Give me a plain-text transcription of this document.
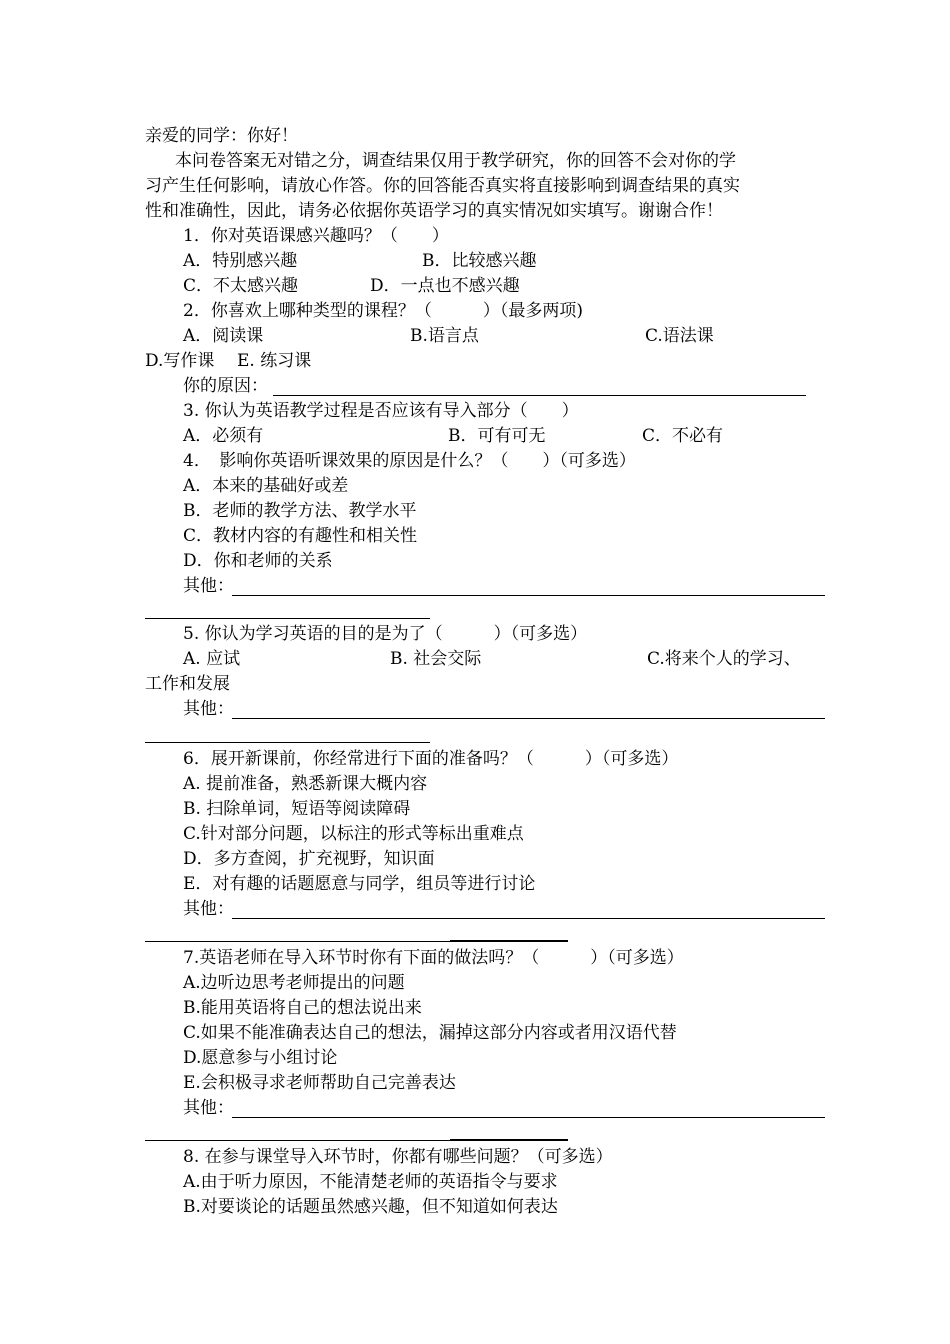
亲爱的同学：你好！
本问卷答案无对错之分，调查结果仅用于教学研究，你的回答不会对你的学
习产生任何影响，请放心作答。你的回答能否真实将直接影响到调查结果的真实
性和准确性，因此，请务必依据你英语学习的真实情况如实填写。谢谢合作！
1．你对英语课感兴趣吗？（　　）
A．特别感兴趣	B．比较感兴趣
C．不太感兴趣	D．一点也不感兴趣
2．你喜欢上哪种类型的课程？（　　　）（最多两项)
A．阅读课	B.语言点	C.语法课
D.写作课 E. 练习课
你的原因：
3. 你认为英语教学过程是否应该有导入部分（　　）
A．必须有	B．可有可无	C．不必有
4．　影响你英语听课效果的原因是什么？（　　）（可多选）
A．本来的基础好或差
B．老师的教学方法、教学水平
C．教材内容的有趣性和相关性
D．你和老师的关系
其他：
5. 你认为学习英语的目的是为了（　　　）（可多选）
A. 应试	B. 社会交际	C.将来个人的学习、
工作和发展
其他：
6．展开新课前，你经常进行下面的准备吗？（　　　）（可多选）
A. 提前准备，熟悉新课大概内容
B. 扫除单词，短语等阅读障碍
C.针对部分问题，以标注的形式等标出重难点
D．多方查阅，扩充视野，知识面
E．对有趣的话题愿意与同学，组员等进行讨论
其他：
7.英语老师在导入环节时你有下面的做法吗？（　　　）（可多选）
A.边听边思考老师提出的问题
B.能用英语将自己的想法说出来
C.如果不能准确表达自己的想法，漏掉这部分内容或者用汉语代替
D.愿意参与小组讨论
E.会积极寻求老师帮助自己完善表达
其他：
8. 在参与课堂导入环节时，你都有哪些问题？（可多选）
A.由于听力原因，不能清楚老师的英语指令与要求
B.对要谈论的话题虽然感兴趣，但不知道如何表达
